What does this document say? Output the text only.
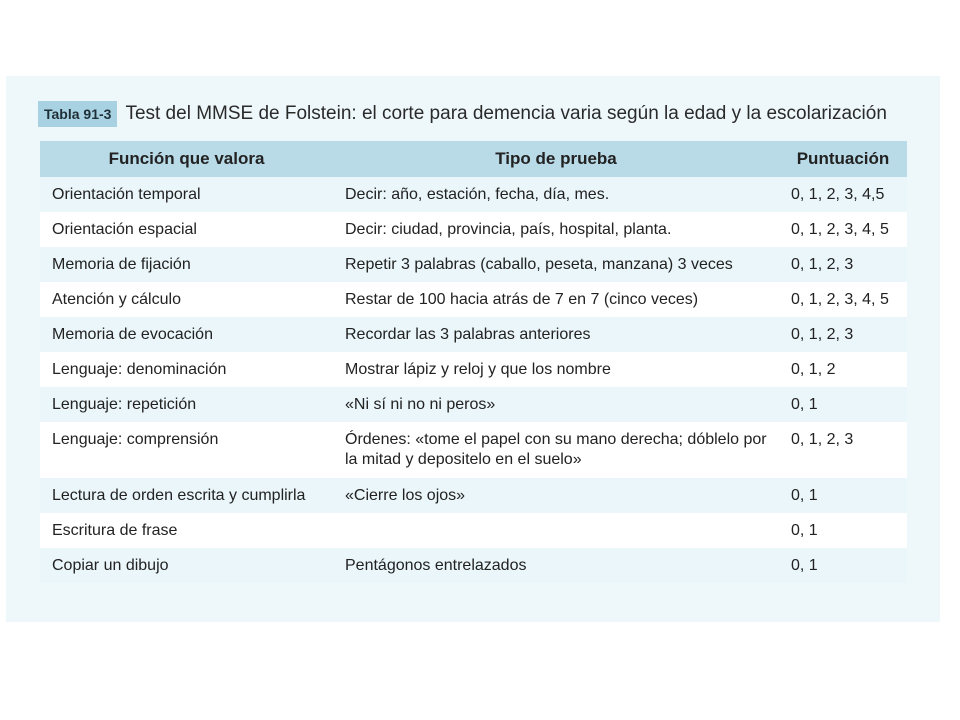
Tabla 91-3 Test del MMSE de Folstein: el corte para demencia varia según la edad y la escolarización
Función que valora	Tipo de prueba	Puntuación
Orientación temporal	Decir: año, estación, fecha, día, mes.	0, 1, 2, 3, 4,5
Orientación espacial	Decir: ciudad, provincia, país, hospital, planta.	0, 1, 2, 3, 4, 5
Memoria de fijación	Repetir 3 palabras (caballo, peseta, manzana) 3 veces	0, 1, 2, 3
Atención y cálculo	Restar de 100 hacia atrás de 7 en 7 (cinco veces)	0, 1, 2, 3, 4, 5
Memoria de evocación	Recordar las 3 palabras anteriores	0, 1, 2, 3
Lenguaje: denominación	Mostrar lápiz y reloj y que los nombre	0, 1, 2
Lenguaje: repetición	«Ni sí ni no ni peros»	0, 1
Lenguaje: comprensión	Órdenes: «tome el papel con su mano derecha; dóblelo por la mitad y depositelo en el suelo»	0, 1, 2, 3
Lectura de orden escrita y cumplirla	«Cierre los ojos»	0, 1
Escritura de frase		0, 1
Copiar un dibujo	Pentágonos entrelazados	0, 1
